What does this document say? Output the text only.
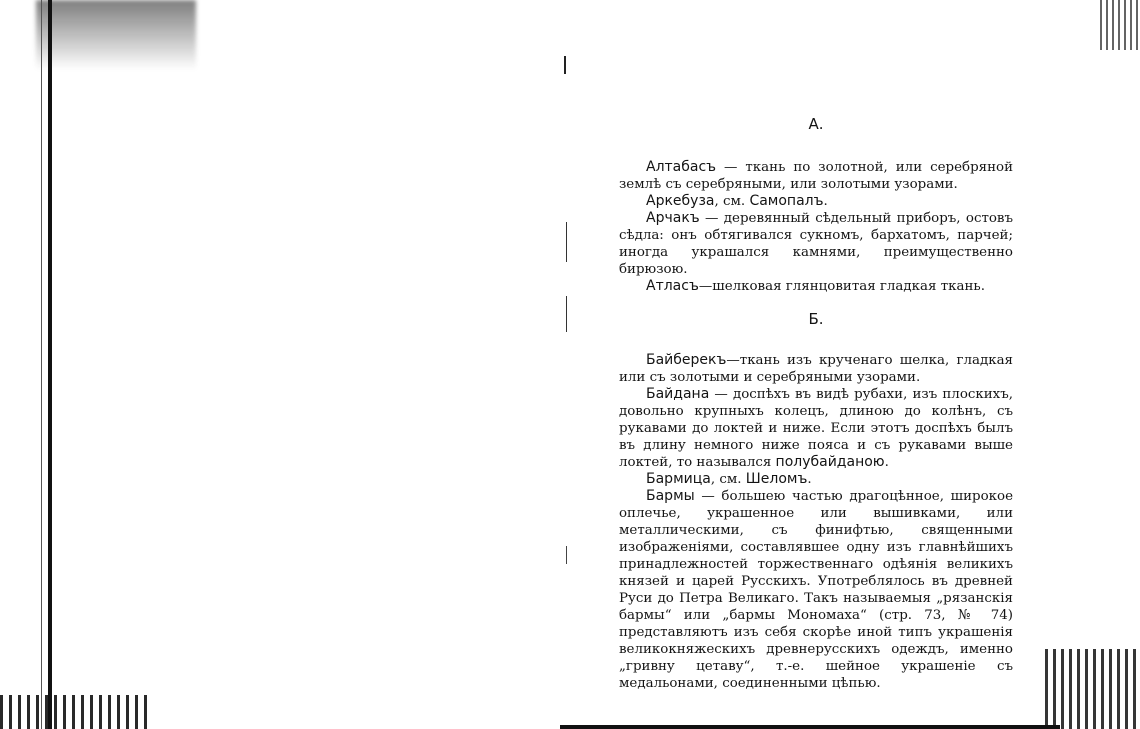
А.

Алтабасъ — ткань по золотной, или серебряной землѣ съ серебряными, или золотыми узорами.

Аркебуза, см. Самопалъ.

Арчакъ — деревянный сѣдельный приборъ, остовъ сѣдла: онъ обтягивался сукномъ, бархатомъ, парчей; иногда украшался камнями, преимущественно бирюзою.

Атласъ—шелковая глянцовитая гладкая ткань.

Б.

Байберекъ—ткань изъ крученаго шелка, гладкая или съ золотыми и серебряными узорами.

Байдана — доспѣхъ въ видѣ рубахи, изъ плоскихъ, довольно крупныхъ колецъ, длиною до колѣнъ, съ рукавами до локтей и ниже. Если этотъ доспѣхъ былъ въ длину немного ниже пояса и съ рукавами выше локтей, то назывался полубайданою.

Бармица, см. Шеломъ.

Бармы — большею частью драгоцѣнное, широкое оплечье, украшенное или вышивками, или металлическими, съ финифтью, священными изображеніями, составлявшее одну изъ главнѣйшихъ принадлежностей торжественнаго одѣянія великихъ князей и царей Русскихъ. Употреблялось въ древней Руси до Петра Великаго. Такъ называемыя „рязанскія бармы“ или „бармы Мономаха“ (стр. 73, № 74) представляютъ изъ себя скорѣе иной типъ украшенія великокняжескихъ древнерусскихъ одеждъ, именно „гривну цетаву“, т.-е. шейное украшеніе съ медальонами, соединенными цѣпью.
